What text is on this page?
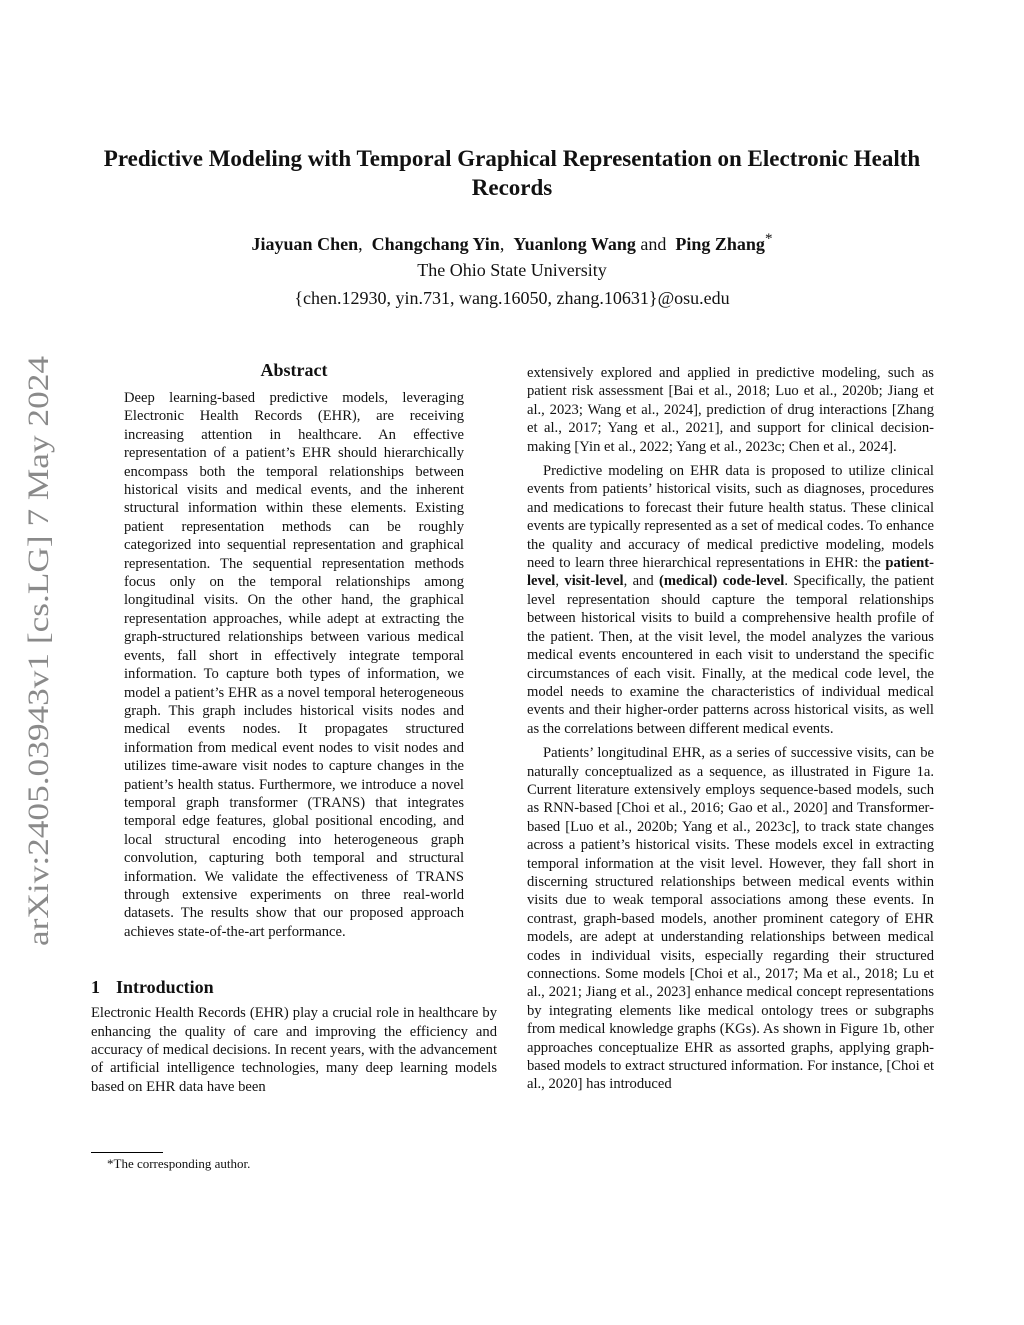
arXiv:2405.03943v1 [cs.LG] 7 May 2024
Predictive Modeling with Temporal Graphical Representation on Electronic Health Records
Jiayuan Chen, Changchang Yin, Yuanlong Wang and Ping Zhang*
The Ohio State University
{chen.12930, yin.731, wang.16050, zhang.10631}@osu.edu
Abstract

Deep learning-based predictive models, leveraging Electronic Health Records (EHR), are receiving increasing attention in healthcare. An effective representation of a patient’s EHR should hierarchically encompass both the temporal relationships between historical visits and medical events, and the inherent structural information within these elements. Existing patient representation methods can be roughly categorized into sequential representation and graphical representation. The sequential representation methods focus only on the temporal relationships among longitudinal visits. On the other hand, the graphical representation approaches, while adept at extracting the graph-structured relationships between various medical events, fall short in effectively integrate temporal information. To capture both types of information, we model a patient’s EHR as a novel temporal heterogeneous graph. This graph includes historical visits nodes and medical events nodes. It propagates structured information from medical event nodes to visit nodes and utilizes time-aware visit nodes to capture changes in the patient’s health status. Furthermore, we introduce a novel temporal graph transformer (TRANS) that integrates temporal edge features, global positional encoding, and local structural encoding into heterogeneous graph convolution, capturing both temporal and structural information. We validate the effectiveness of TRANS through extensive experiments on three real-world datasets. The results show that our proposed approach achieves state-of-the-art performance.

1 Introduction

Electronic Health Records (EHR) play a crucial role in healthcare by enhancing the quality of care and improving the efficiency and accuracy of medical decisions. In recent years, with the advancement of artificial intelligence technologies, many deep learning models based on EHR data have been

*The corresponding author.

extensively explored and applied in predictive modeling, such as patient risk assessment [Bai et al., 2018; Luo et al., 2020b; Jiang et al., 2023; Wang et al., 2024], prediction of drug interactions [Zhang et al., 2017; Yang et al., 2021], and support for clinical decision-making [Yin et al., 2022; Yang et al., 2023c; Chen et al., 2024].

Predictive modeling on EHR data is proposed to utilize clinical events from patients’ historical visits, such as diagnoses, procedures and medications to forecast their future health status. These clinical events are typically represented as a set of medical codes. To enhance the quality and accuracy of medical predictive modeling, models need to learn three hierarchical representations in EHR: the patient-level, visit-level, and (medical) code-level. Specifically, the patient level representation should capture the temporal relationships between historical visits to build a comprehensive health profile of the patient. Then, at the visit level, the model analyzes the various medical events encountered in each visit to understand the specific circumstances of each visit. Finally, at the medical code level, the model needs to examine the characteristics of individual medical events and their higher-order patterns across historical visits, as well as the correlations between different medical events.

Patients’ longitudinal EHR, as a series of successive visits, can be naturally conceptualized as a sequence, as illustrated in Figure 1a. Current literature extensively employs sequence-based models, such as RNN-based [Choi et al., 2016; Gao et al., 2020] and Transformer-based [Luo et al., 2020b; Yang et al., 2023c], to track state changes across a patient’s historical visits. These models excel in extracting temporal information at the visit level. However, they fall short in discerning structured relationships between medical events within visits due to weak temporal associations among these events. In contrast, graph-based models, another prominent category of EHR models, are adept at understanding relationships between medical codes in individual visits, especially regarding their structured connections. Some models [Choi et al., 2017; Ma et al., 2018; Lu et al., 2021; Jiang et al., 2023] enhance medical concept representations by integrating elements like medical ontology trees or subgraphs from medical knowledge graphs (KGs). As shown in Figure 1b, other approaches conceptualize EHR as assorted graphs, applying graph-based models to extract structured information. For instance, [Choi et al., 2020] has introduced
